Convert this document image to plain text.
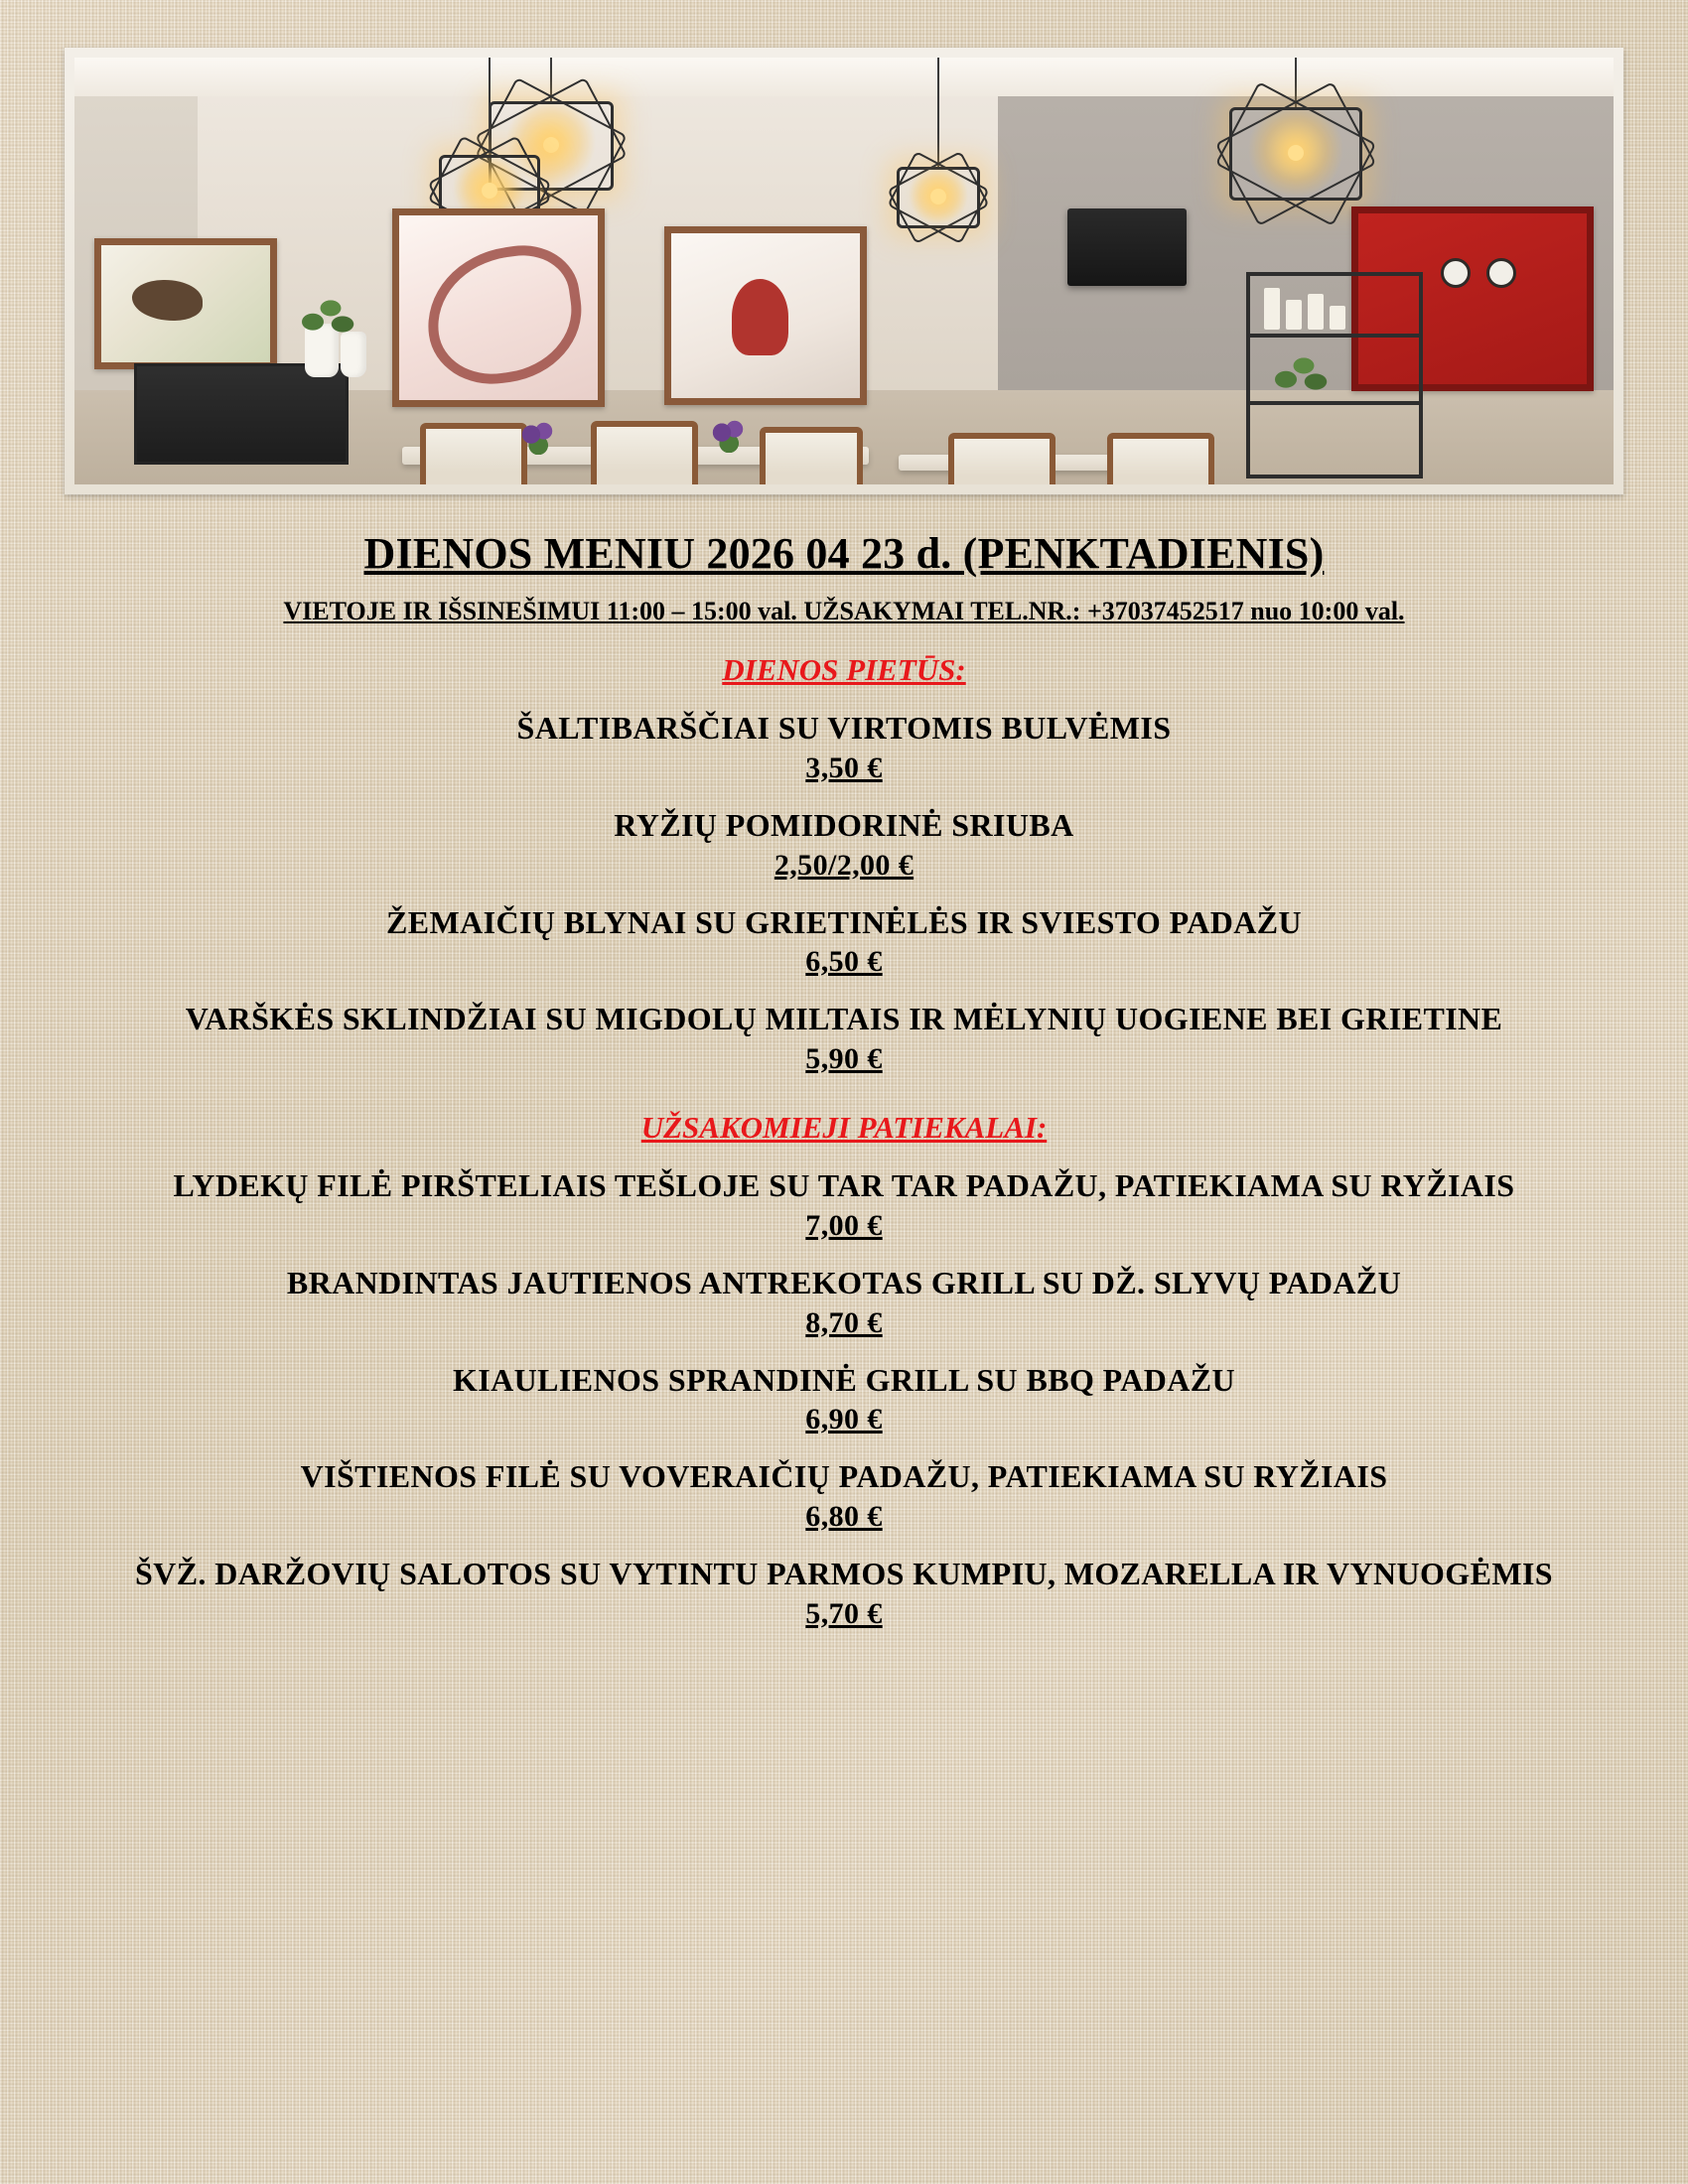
DIENOS MENIU 2026 04 23 d. (PENKTADIENIS)
VIETOJE IR IŠSINEŠIMUI 11:00 – 15:00 val. UŽSAKYMAI TEL.NR.: +37037452517 nuo 10:00 val.
DIENOS PIETŪS:
ŠALTIBARŠČIAI SU VIRTOMIS BULVĖMIS
3,50 €
RYŽIŲ POMIDORINĖ SRIUBA
2,50/2,00 €
ŽEMAIČIŲ BLYNAI SU GRIETINĖLĖS IR SVIESTO PADAŽU
6,50 €
VARŠKĖS SKLINDŽIAI SU MIGDOLŲ MILTAIS IR MĖLYNIŲ UOGIENE BEI GRIETINE
5,90 €
UŽSAKOMIEJI PATIEKALAI:
LYDEKŲ FILĖ PIRŠTELIAIS TEŠLOJE SU TAR TAR PADAŽU, PATIEKIAMA SU RYŽIAIS
7,00 €
BRANDINTAS JAUTIENOS ANTREKOTAS GRILL SU DŽ. SLYVŲ PADAŽU
8,70 €
KIAULIENOS SPRANDINĖ GRILL SU BBQ PADAŽU
6,90 €
VIŠTIENOS FILĖ SU VOVERAIČIŲ PADAŽU, PATIEKIAMA SU RYŽIAIS
6,80 €
ŠVŽ. DARŽOVIŲ SALOTOS SU VYTINTU PARMOS KUMPIU, MOZARELLA IR VYNUOGĖMIS
5,70 €
